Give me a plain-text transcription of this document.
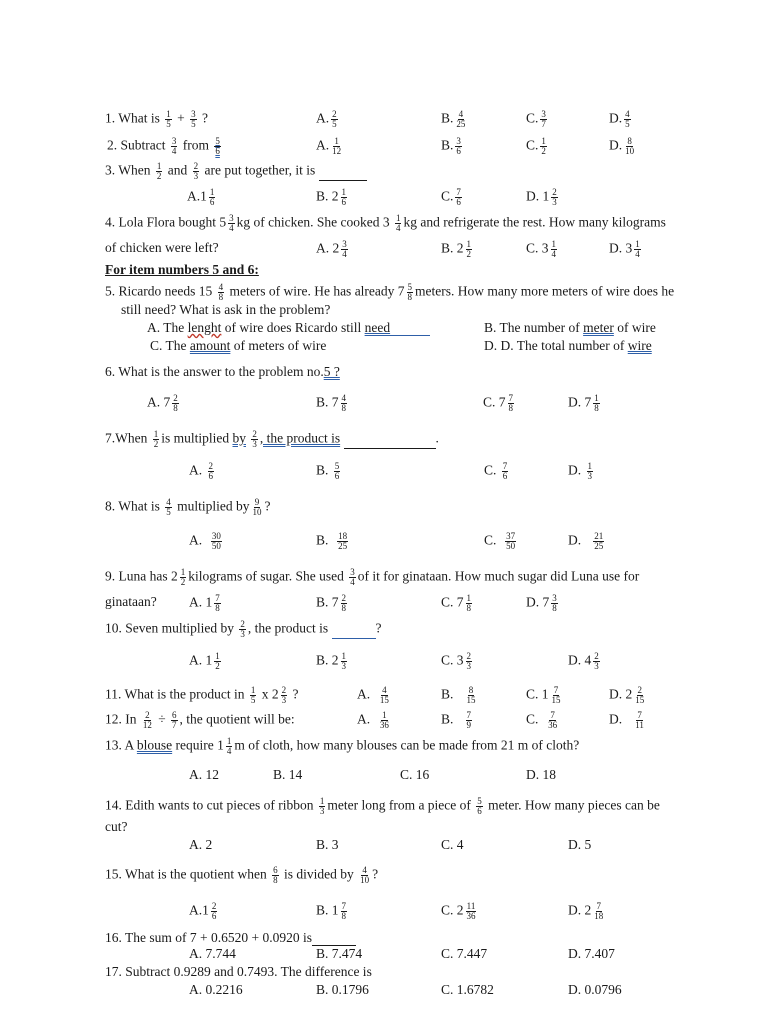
1. What is $\frac{1}{5} + \frac{3}{5}$ ?	A. $\frac{2}{5}$	B. $\frac{4}{25}$	C. $\frac{3}{7}$	D. $\frac{4}{5}$
2. Subtract $\frac{3}{4}$ from $\frac{5}{6}$	A. $\frac{1}{12}$	B. $\frac{3}{6}$	C. $\frac{1}{2}$	D. $\frac{8}{10}$
3. When $\frac{1}{2}$ and $\frac{2}{3}$ are put together, it is
$A.1 \frac{1}{6}$	B. $2 \frac{1}{6}$	C. $\frac{7}{6}$	D. $1 \frac{2}{3}$
4. Lola Flora bought $5 \frac{3}{4}$ kg of chicken. She cooked $3 \frac{1}{4}$ kg and refrigerate the rest. How many kilograms
of chicken were left?	A. $2 \frac{3}{4}$	B. $2 \frac{1}{2}$	C. $3 \frac{1}{4}$	D. $3 \frac{1}{4}$
For item numbers 5 and 6:
5. Ricardo needs $15 \frac{4}{8}$ meters of wire. He has already $7 \frac{5}{8}$ meters. How many more meters of wire does he
still need? What is ask in the problem?
A. The lenght of wire does Ricardo still need	B. The number of meter of wire
C. The amount of meters of wire	D. D. The total number of wire
6. What is the answer to the problem no.5 ?
A. $7 \frac{2}{8}$	B. $7 \frac{4}{8}$	C. $7 \frac{7}{8}$	D. $7 \frac{1}{8}$
7.When $\frac{1}{2}$ is multiplied by $\frac{2}{3}$ , the product is	.
A. $\frac{2}{6}$	B. $\frac{5}{6}$	C. $\frac{7}{6}$	D. $\frac{1}{3}$
8. What is $\frac{4}{5}$ multiplied by $\frac{9}{10}$ ?
A. $\frac{30}{50}$	B. $\frac{18}{25}$	C. $\frac{37}{50}$	D. $\frac{21}{25}$
9. Luna has $2 \frac{1}{2}$ kilograms of sugar. She used $\frac{3}{4}$ of it for ginataan. How much sugar did Luna use for
ginataan? A. $1 \frac{7}{8}$	B. $7 \frac{2}{8}$	C. $7 \frac{1}{8}$	D. $7 \frac{3}{8}$
10. Seven multiplied by $\frac{2}{3}$ , the product is	?
A. $1 \frac{1}{2}$	B. $2 \frac{1}{3}$	C. $3 \frac{2}{3}$	D. $4 \frac{2}{3}$
11. What is the product in $\frac{1}{5}$ x $2 \frac{2}{3}$ ?	A. $\frac{4}{15}$	B. $\frac{8}{15}$	C. $1 \frac{7}{15}$	D. $2 \frac{2}{15}$
12. In $\frac{2}{12} \div \frac{6}{7}$ , the quotient will be:	A. $\frac{1}{36}$	B. $\frac{7}{9}$	C. $\frac{7}{36}$	D. $\frac{7}{11}$
13. A blouse require $1 \frac{1}{4}$ m of cloth, how many blouses can be made from 21 m of cloth?
A. 12	B. 14	C. 16	D. 18
14. Edith wants to cut pieces of ribbon $\frac{1}{3}$ meter long from a piece of $\frac{5}{6}$ meter. How many pieces can be
cut?
A. 2	B. 3	C. 4	D. 5
15. What is the quotient when $\frac{6}{8}$ is divided by $\frac{4}{10}$ ?
$A.1 \frac{2}{6}$	B. $1 \frac{7}{8}$	C. $2 \frac{11}{36}$	D. $2 \frac{7}{18}$
16. The sum of 7 + 0.6520 + 0.0920 is
A. 7.744	B. 7.474	C. 7.447	D. 7.407
17. Subtract 0.9289 and 0.7493. The difference is
A. 0.2216	B. 0.1796	C. 1.6782	D. 0.0796
